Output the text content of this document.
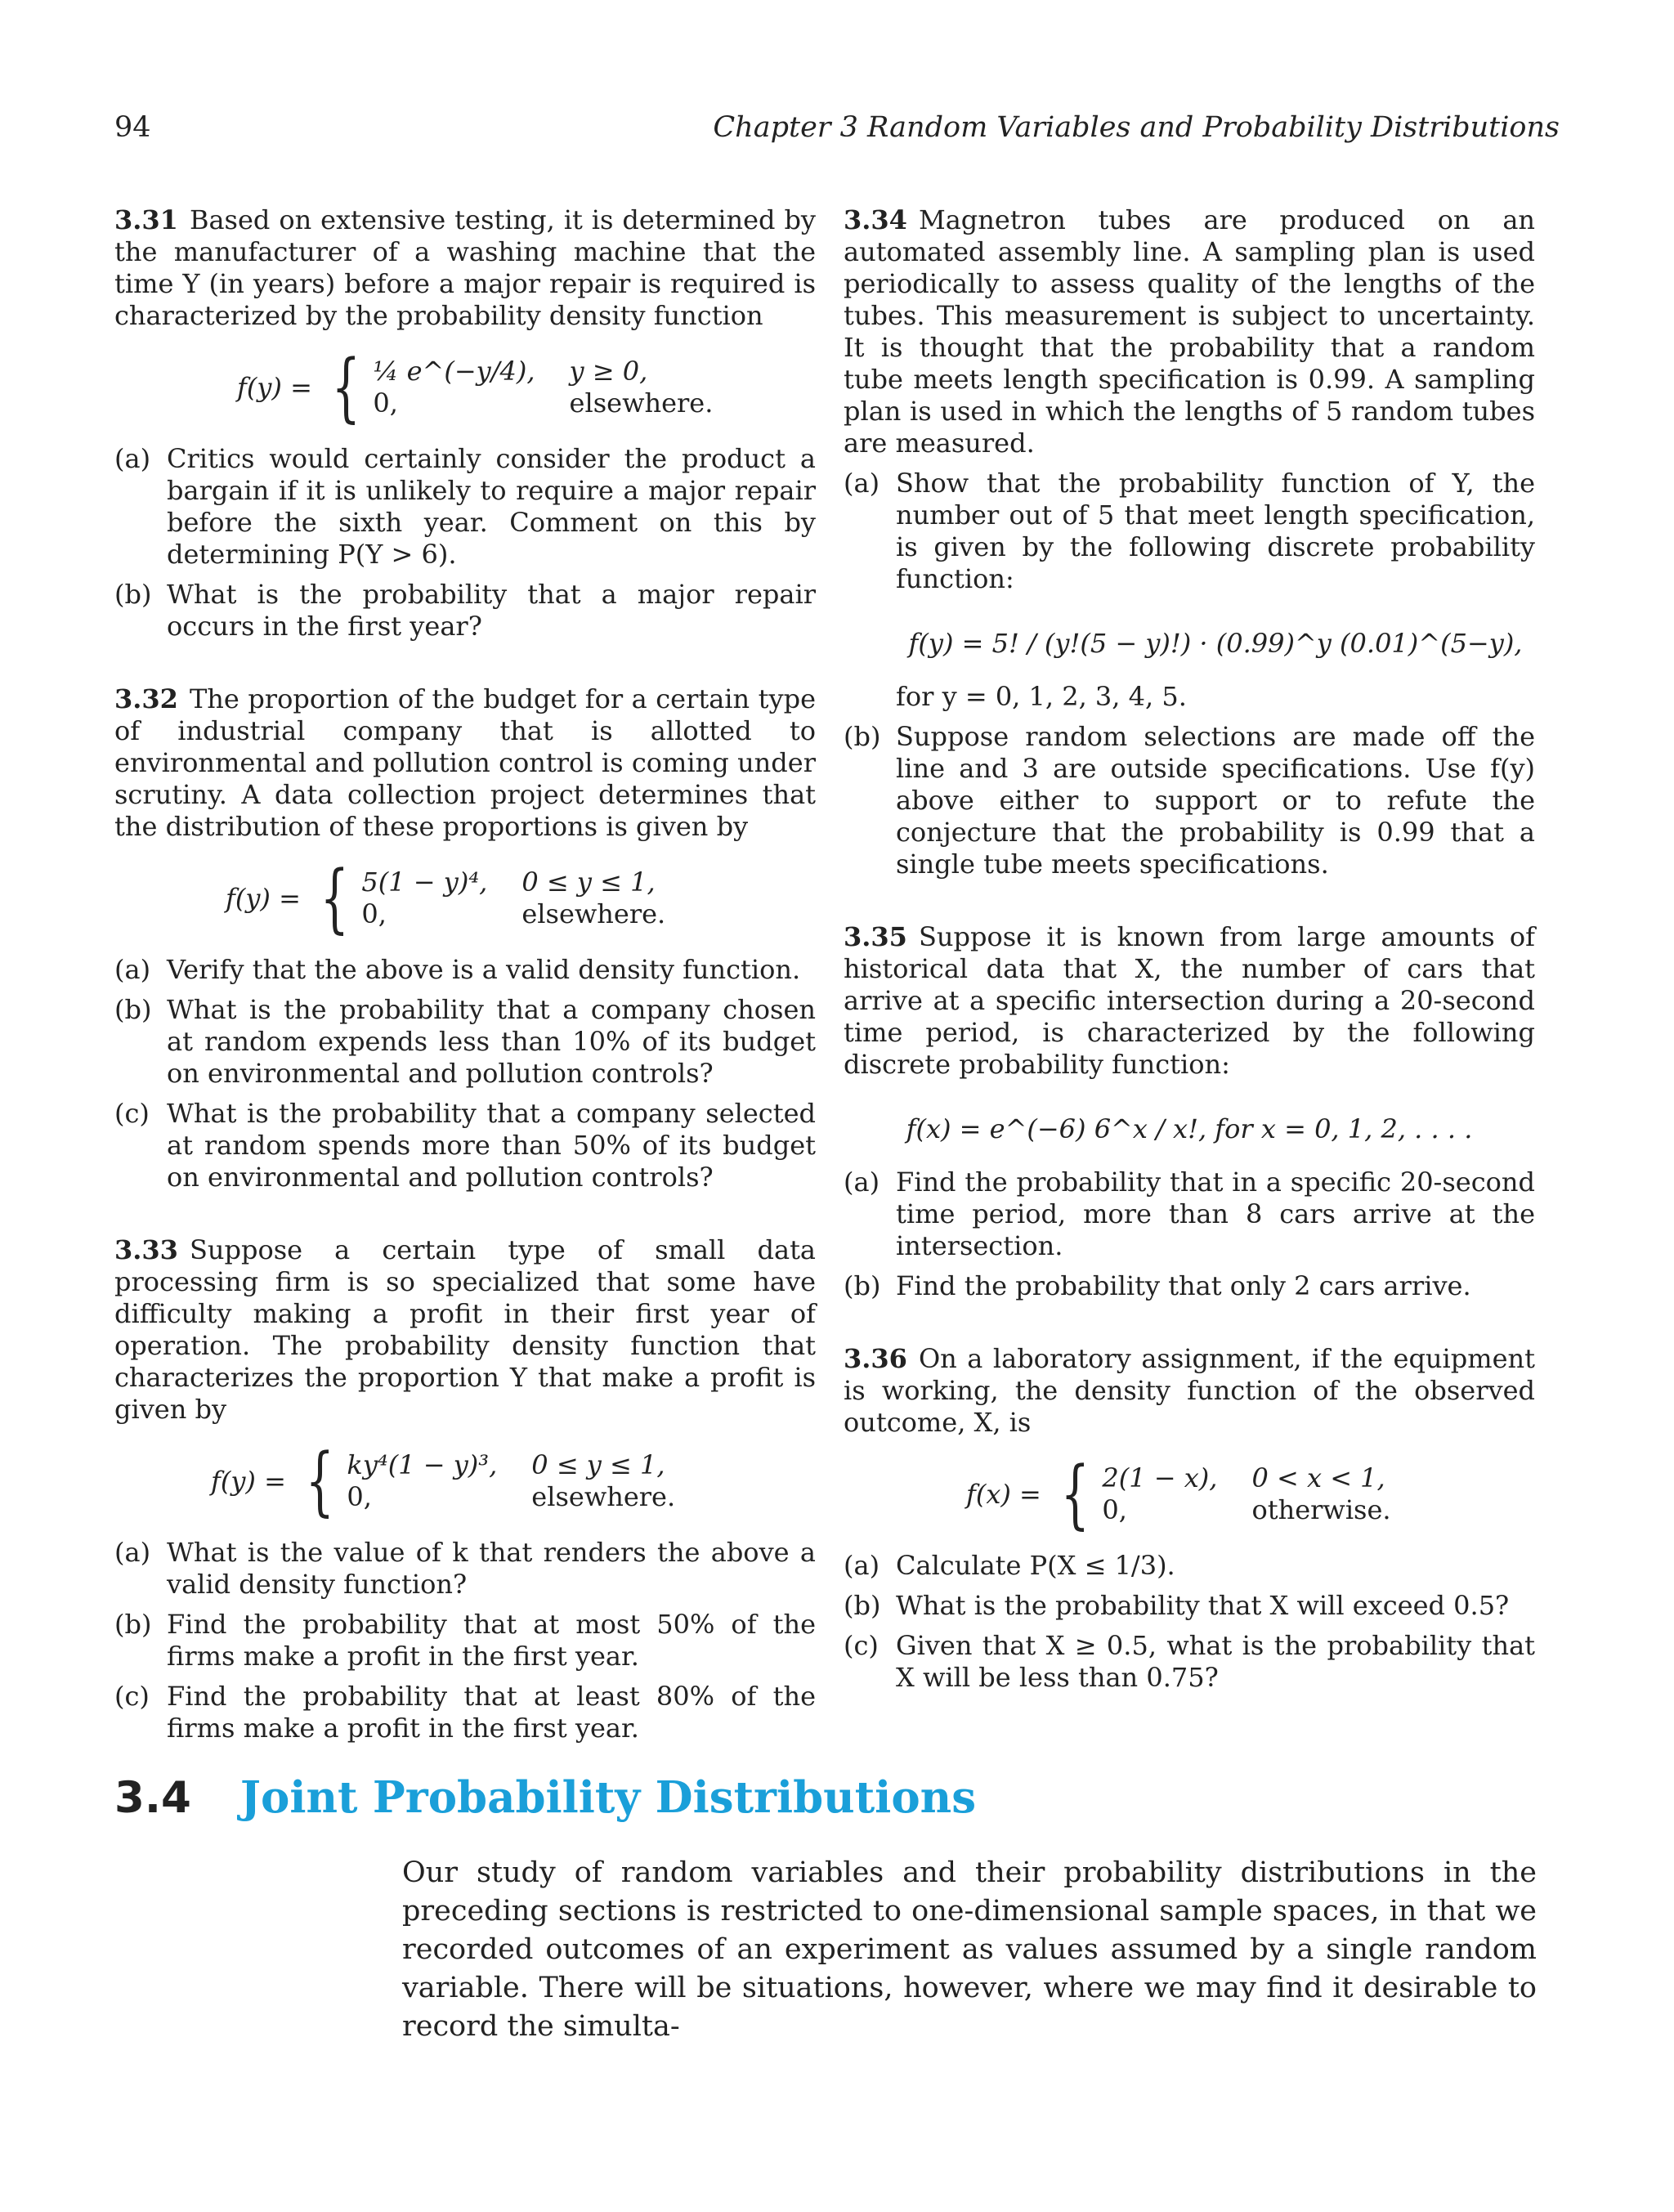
94	Chapter 3 Random Variables and Probability Distributions

3.31 Based on extensive testing, it is determined by the manufacturer of a washing machine that the time Y (in years) before a major repair is required is characterized by the probability density function

f(y) = { ¼ e^(−y/4), y ≥ 0,
0,	elsewhere.
(a) Critics would certainly consider the product a bargain if it is unlikely to require a major repair before the sixth year. Comment on this by determining P(Y > 6).
(b) What is the probability that a major repair occurs in the first year?

3.32 The proportion of the budget for a certain type of industrial company that is allotted to environmental and pollution control is coming under scrutiny. A data collection project determines that the distribution of these proportions is given by

f(y) = { 5(1 − y)⁴, 0 ≤ y ≤ 1,
0,	elsewhere.
(a) Verify that the above is a valid density function.
(b) What is the probability that a company chosen at random expends less than 10% of its budget on environmental and pollution controls?
(c) What is the probability that a company selected at random spends more than 50% of its budget on environmental and pollution controls?

3.33 Suppose a certain type of small data processing firm is so specialized that some have difficulty making a profit in their first year of operation. The probability density function that characterizes the proportion Y that make a profit is given by

f(y) = { ky⁴(1 − y)³, 0 ≤ y ≤ 1,
0,	elsewhere.
(a) What is the value of k that renders the above a valid density function?
(b) Find the probability that at most 50% of the firms make a profit in the first year.
(c) Find the probability that at least 80% of the firms make a profit in the first year.

3.34 Magnetron tubes are produced on an automated assembly line. A sampling plan is used periodically to assess quality of the lengths of the tubes. This measurement is subject to uncertainty. It is thought that the probability that a random tube meets length specification is 0.99. A sampling plan is used in which the lengths of 5 random tubes are measured.

(a) Show that the probability function of Y, the number out of 5 that meet length specification, is given by the following discrete probability function:
f(y) = 5! / (y!(5 − y)!) · (0.99)^y (0.01)^(5−y),
for y = 0, 1, 2, 3, 4, 5.
(b) Suppose random selections are made off the line and 3 are outside specifications. Use f(y) above either to support or to refute the conjecture that the probability is 0.99 that a single tube meets specifications.

3.35 Suppose it is known from large amounts of historical data that X, the number of cars that arrive at a specific intersection during a 20-second time period, is characterized by the following discrete probability function:

f(x) = e^(−6) 6^x / x!, for x = 0, 1, 2, . . . .
(a) Find the probability that in a specific 20-second time period, more than 8 cars arrive at the intersection.
(b) Find the probability that only 2 cars arrive.

3.36 On a laboratory assignment, if the equipment is working, the density function of the observed outcome, X, is

f(x) = { 2(1 − x), 0 < x < 1,
0,	otherwise.
(a) Calculate P(X ≤ 1/3).
(b) What is the probability that X will exceed 0.5?
(c) Given that X ≥ 0.5, what is the probability that X will be less than 0.75?
3.4 Joint Probability Distributions
Our study of random variables and their probability distributions in the preceding sections is restricted to one-dimensional sample spaces, in that we recorded outcomes of an experiment as values assumed by a single random variable. There will be situations, however, where we may find it desirable to record the simulta-
